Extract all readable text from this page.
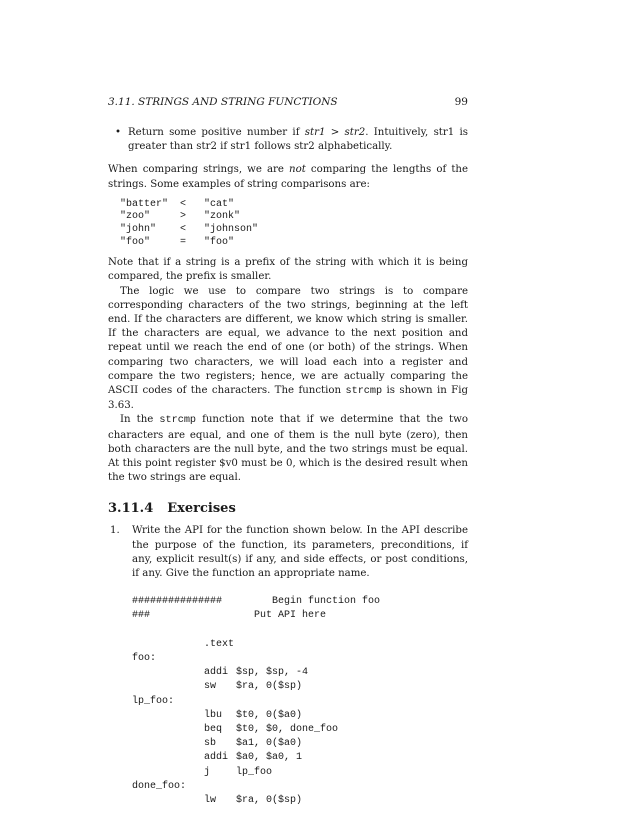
3.11. STRINGS AND STRING FUNCTIONS	99
• Return some positive number if str1 > str2. Intuitively, str1 is greater than str2 if str1 follows str2 alphabetically.

When comparing strings, we are not comparing the lengths of the strings. Some examples of string comparisons are:

"batter"	<	"cat"
"zoo"	>	"zonk"
"john"	<	"johnson"
"foo"	=	"foo"

Note that if a string is a prefix of the string with which it is being compared, the prefix is smaller.

The logic we use to compare two strings is to compare corresponding characters of the two strings, beginning at the left end. If the characters are different, we know which string is smaller. If the characters are equal, we advance to the next position and repeat until we reach the end of one (or both) of the strings. When comparing two characters, we will load each into a register and compare the two registers; hence, we are actually comparing the ASCII codes of the characters. The function strcmp is shown in Fig 3.63.

In the strcmp function note that if we determine that the two characters are equal, and one of them is the null byte (zero), then both characters are the null byte, and the two strings must be equal. At this point register $v0 must be 0, which is the desired result when the two strings are equal.

3.11.4 Exercises
1.	Write the API for the function shown below. In the API describe the purpose of the function, its parameters, preconditions, if any, explicit result(s) if any, and side effects, or post conditions, if any. Give the function an appropriate name.
###############	Begin function foo
###	Put API here
.text
foo:
addi $sp, $sp, -4
sw	$ra, 0($sp)
lp_foo:
lbu	$t0, 0($a0)
beq	$t0, $0, done_foo
sb	$a1, 0($a0)
addi $a0, $a0, 1
j	lp_foo
done_foo:
lw	$ra, 0($sp)
